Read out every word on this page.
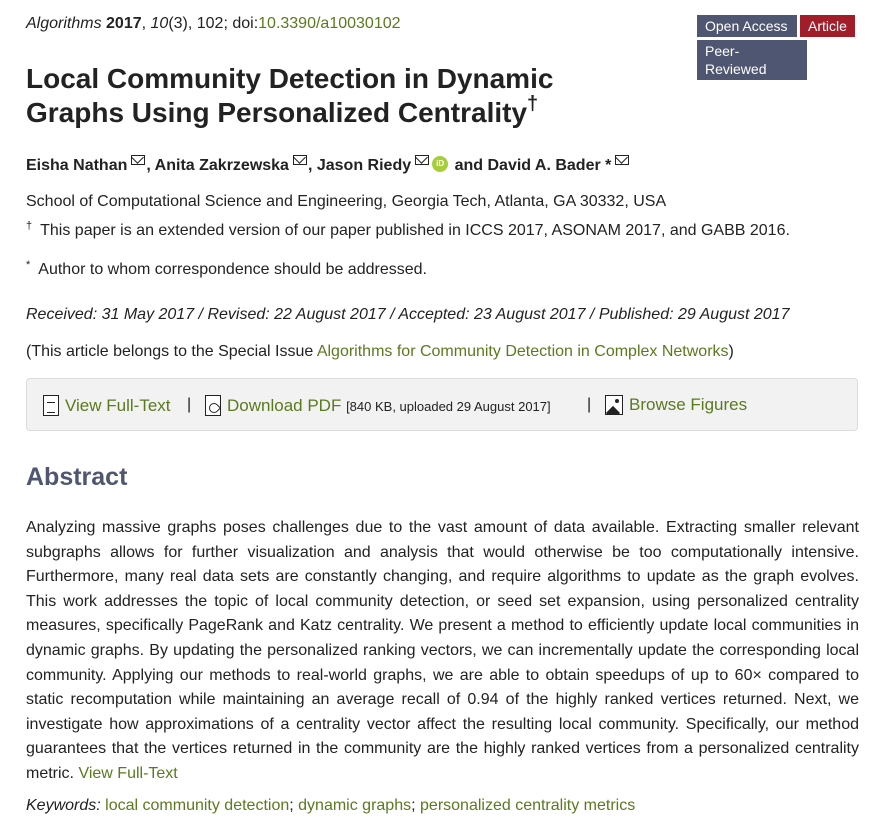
Algorithms 2017, 10(3), 102; doi:10.3390/a10030102	Open Access	Article
Peer-Reviewed
Local Community Detection in Dynamic
Graphs Using Personalized Centrality†
Eisha Nathan , Anita Zakrzewska , Jason Riedy	iD and David A. Bader *
School of Computational Science and Engineering, Georgia Tech, Atlanta, GA 30332, USA
† This paper is an extended version of our paper published in ICCS 2017, ASONAM 2017, and GABB 2016.
* Author to whom correspondence should be addressed.
Received: 31 May 2017 / Revised: 22 August 2017 / Accepted: 23 August 2017 / Published: 29 August 2017
(This article belongs to the Special Issue Algorithms for Community Detection in Complex Networks)
View Full-Text |	Download PDF [840 KB, uploaded 29 August 2017] |	Browse Figures
Abstract

Analyzing massive graphs poses challenges due to the vast amount of data available. Extracting smaller relevant subgraphs allows for further visualization and analysis that would otherwise be too computationally intensive. Furthermore, many real data sets are constantly changing, and require algorithms to update as the graph evolves. This work addresses the topic of local community detection, or seed set expansion, using personalized centrality measures, specifically PageRank and Katz centrality. We present a method to efficiently update local communities in dynamic graphs. By updating the personalized ranking vectors, we can incrementally update the corresponding local community. Applying our methods to real-world graphs, we are able to obtain speedups of up to 60× compared to static recomputation while maintaining an average recall of 0.94 of the highly ranked vertices returned. Next, we investigate how approximations of a centrality vector affect the resulting local community. Specifically, our method guarantees that the vertices returned in the community are the highly ranked vertices from a personalized centrality metric. View Full-Text

Keywords: local community detection; dynamic graphs; personalized centrality metrics
